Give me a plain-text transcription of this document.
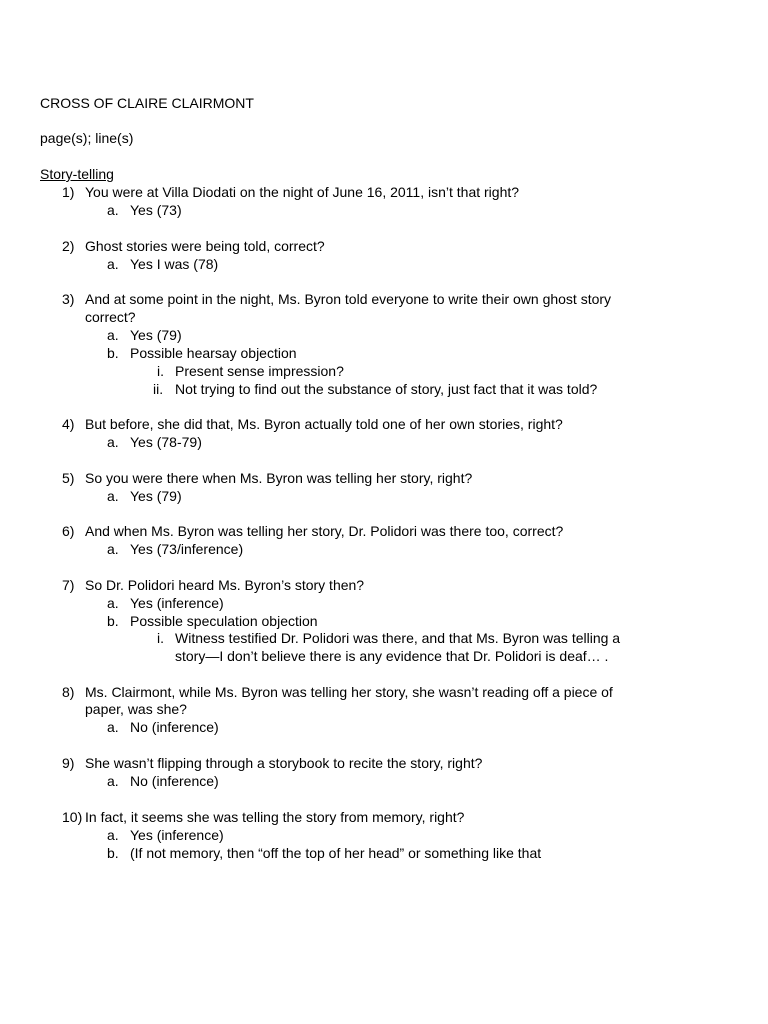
CROSS OF CLAIRE CLAIRMONT
page(s); line(s)
Story-telling
1) You were at Villa Diodati on the night of June 16, 2011, isn’t that right?
a. Yes (73)
2) Ghost stories were being told, correct?
a. Yes I was (78)
3) And at some point in the night, Ms. Byron told everyone to write their own ghost story
correct?
a. Yes (79)
b. Possible hearsay objection
i. Present sense impression?
ii. Not trying to find out the substance of story, just fact that it was told?
4) But before, she did that, Ms. Byron actually told one of her own stories, right?
a. Yes (78-79)
5) So you were there when Ms. Byron was telling her story, right?
a. Yes (79)
6) And when Ms. Byron was telling her story, Dr. Polidori was there too, correct?
a. Yes (73/inference)
7) So Dr. Polidori heard Ms. Byron’s story then?
a. Yes (inference)
b. Possible speculation objection
i. Witness testified Dr. Polidori was there, and that Ms. Byron was telling a
story—I don’t believe there is any evidence that Dr. Polidori is deaf… .
8) Ms. Clairmont, while Ms. Byron was telling her story, she wasn’t reading off a piece of
paper, was she?
a. No (inference)
9) She wasn’t flipping through a storybook to recite the story, right?
a. No (inference)
10) In fact, it seems she was telling the story from memory, right?
a. Yes (inference)
b. (If not memory, then “off the top of her head” or something like that
